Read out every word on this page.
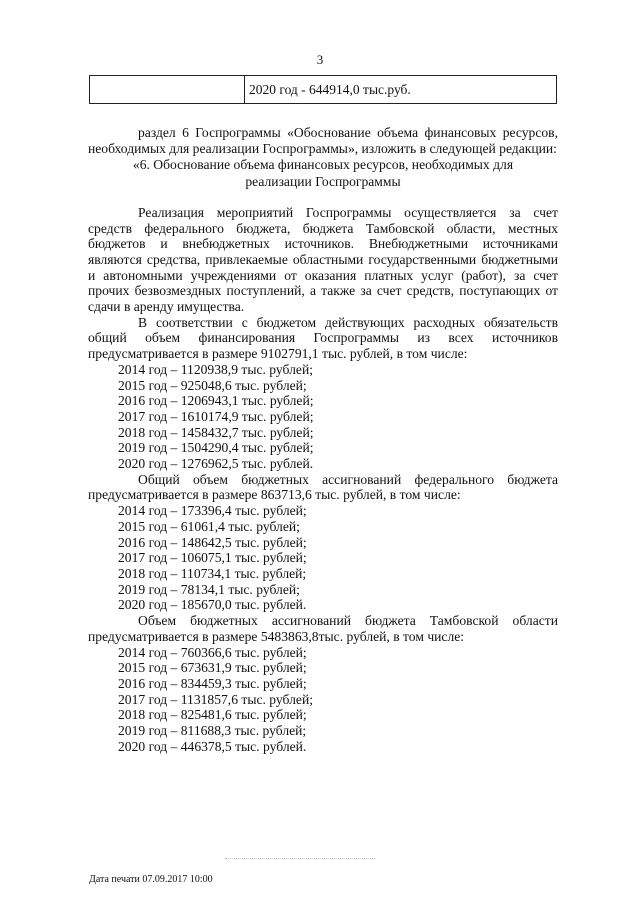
3
	2020 год - 644914,0 тыс.руб.

раздел 6 Госпрограммы «Обоснование объема финансовых ресурсов, необходимых для реализации Госпрограммы», изложить в следующей редакции:

«6. Обоснование объема финансовых ресурсов, необходимых для

реализации Госпрограммы

Реализация мероприятий Госпрограммы осуществляется за счет средств федерального бюджета, бюджета Тамбовской области, местных бюджетов и внебюджетных источников. Внебюджетными источниками являются средства, привлекаемые областными государственными бюджетными и автономными учреждениями от оказания платных услуг (работ), за счет прочих безвозмездных поступлений, а также за счет средств, поступающих от сдачи в аренду имущества.

В соответствии с бюджетом действующих расходных обязательств общий объем финансирования Госпрограммы из всех источников предусматривается в размере 9102791,1 тыс. рублей, в том числе:

2014 год – 1120938,9 тыс. рублей;

2015 год – 925048,6 тыс. рублей;

2016 год – 1206943,1 тыс. рублей;

2017 год – 1610174,9 тыс. рублей;

2018 год – 1458432,7 тыс. рублей;

2019 год – 1504290,4 тыс. рублей;

2020 год – 1276962,5 тыс. рублей.

Общий объем бюджетных ассигнований федерального бюджета предусматривается в размере 863713,6 тыс. рублей, в том числе:

2014 год – 173396,4 тыс. рублей;

2015 год – 61061,4 тыс. рублей;

2016 год – 148642,5 тыс. рублей;

2017 год – 106075,1 тыс. рублей;

2018 год – 110734,1 тыс. рублей;

2019 год – 78134,1 тыс. рублей;

2020 год – 185670,0 тыс. рублей.

Объем бюджетных ассигнований бюджета Тамбовской области предусматривается в размере 5483863,8тыс. рублей, в том числе:

2014 год – 760366,6 тыс. рублей;

2015 год – 673631,9 тыс. рублей;

2016 год – 834459,3 тыс. рублей;

2017 год – 1131857,6 тыс. рублей;

2018 год – 825481,6 тыс. рублей;

2019 год – 811688,3 тыс. рублей;

2020 год – 446378,5 тыс. рублей.

Дата печати 07.09.2017 10:00
